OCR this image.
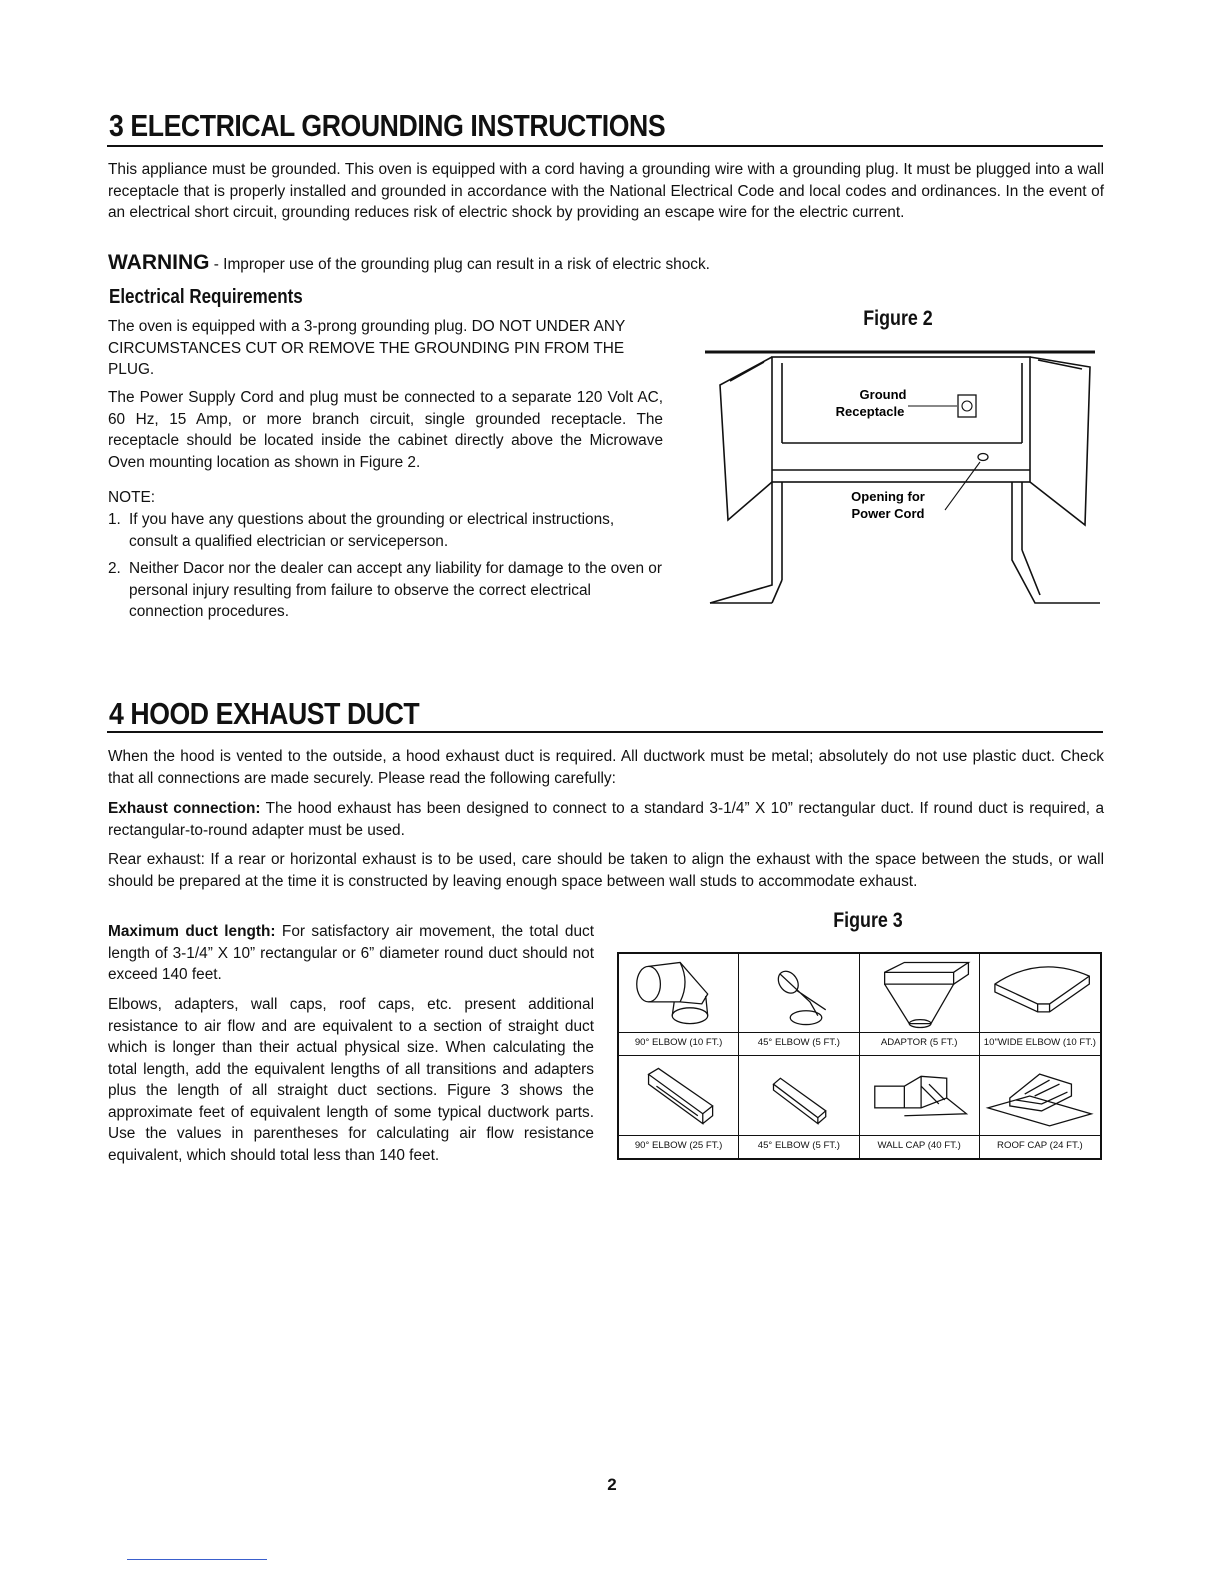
3 ELECTRICAL GROUNDING INSTRUCTIONS

This appliance must be grounded. This oven is equipped with a cord having a grounding wire with a grounding plug. It must be plugged into a wall receptacle that is properly installed and grounded in accordance with the National Electrical Code and local codes and ordinances. In the event of an electrical short circuit, grounding reduces risk of electric shock by providing an escape wire for the electric current.

WARNING - Improper use of the grounding plug can result in a risk of electric shock.

Electrical Requirements

The oven is equipped with a 3-prong grounding plug. DO NOT UNDER ANY CIRCUMSTANCES CUT OR REMOVE THE GROUNDING PIN FROM THE PLUG.

The Power Supply Cord and plug must be connected to a separate 120 Volt AC, 60 Hz, 15 Amp, or more branch circuit, single grounded receptacle. The receptacle should be located inside the cabinet directly above the Microwave Oven mounting location as shown in Figure 2.

NOTE:

1. If you have any questions about the grounding or electrical instructions, consult a qualified electrician or serviceperson.
2. Neither Dacor nor the dealer can accept any liability for damage to the oven or personal injury resulting from failure to observe the correct electrical connection procedures.
Figure 2
Ground
Receptacle
Opening for
Power Cord
4 HOOD EXHAUST DUCT

When the hood is vented to the outside, a hood exhaust duct is required. All ductwork must be metal; absolutely do not use plastic duct. Check that all connections are made securely. Please read the following carefully:

Exhaust connection: The hood exhaust has been designed to connect to a standard 3-1/4” X 10” rectangular duct. If round duct is required, a rectangular-to-round adapter must be used.

Rear exhaust: If a rear or horizontal exhaust is to be used, care should be taken to align the exhaust with the space between the studs, or wall should be prepared at the time it is constructed by leaving enough space between wall studs to accommodate exhaust.

Maximum duct length: For satisfactory air movement, the total duct length of 3-1/4” X 10” rectangular or 6” diameter round duct should not exceed 140 feet.

Elbows, adapters, wall caps, roof caps, etc. present additional resistance to air flow and are equivalent to a section of straight duct which is longer than their actual physical size. When calculating the total length, add the equivalent lengths of all transitions and adapters plus the length of all straight duct sections. Figure 3 shows the approximate feet of equivalent length of some typical ductwork parts. Use the values in parentheses for calculating air flow resistance equivalent, which should total less than 140 feet.

Figure 3
90° ELBOW (10 FT.)	45° ELBOW (5 FT.)	ADAPTOR (5 FT.)	10"WIDE ELBOW (10 FT.)
90° ELBOW (25 FT.)	45° ELBOW (5 FT.)	WALL CAP (40 FT.)	ROOF CAP (24 FT.)

2
